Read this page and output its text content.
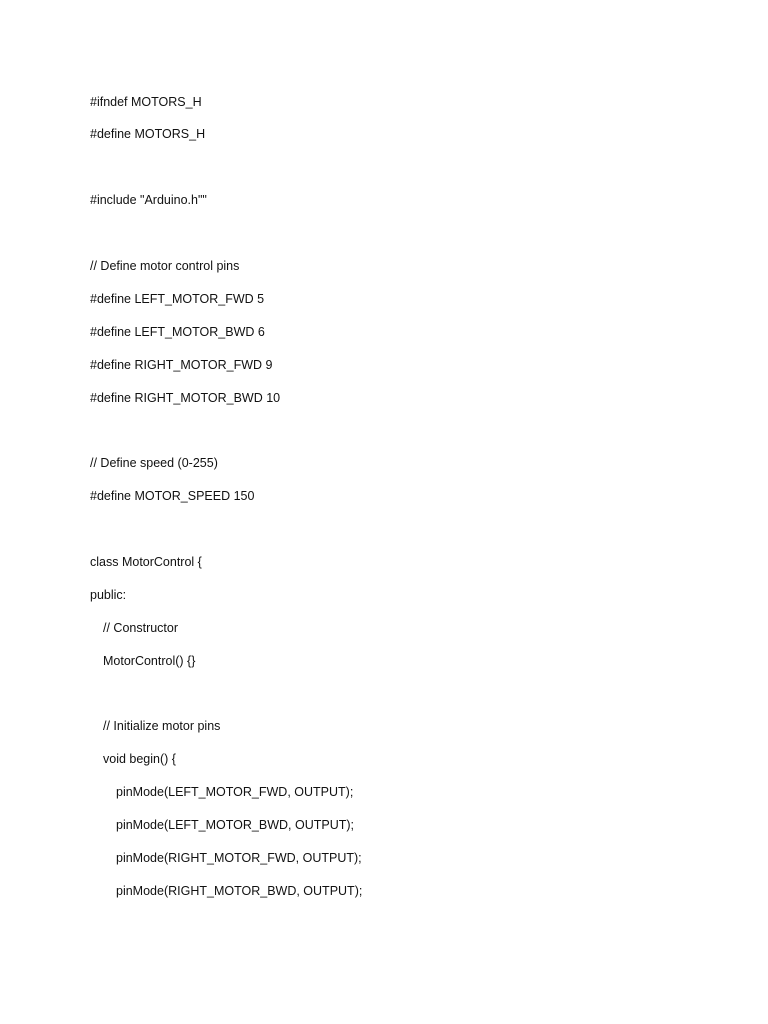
#ifndef MOTORS_H
#define MOTORS_H
#include "Arduino.h""
// Define motor control pins
#define LEFT_MOTOR_FWD 5
#define LEFT_MOTOR_BWD 6
#define RIGHT_MOTOR_FWD 9
#define RIGHT_MOTOR_BWD 10
// Define speed (0-255)
#define MOTOR_SPEED 150
class MotorControl {
public:
// Constructor
MotorControl() {}
// Initialize motor pins
void begin() {
pinMode(LEFT_MOTOR_FWD, OUTPUT);
pinMode(LEFT_MOTOR_BWD, OUTPUT);
pinMode(RIGHT_MOTOR_FWD, OUTPUT);
pinMode(RIGHT_MOTOR_BWD, OUTPUT);
